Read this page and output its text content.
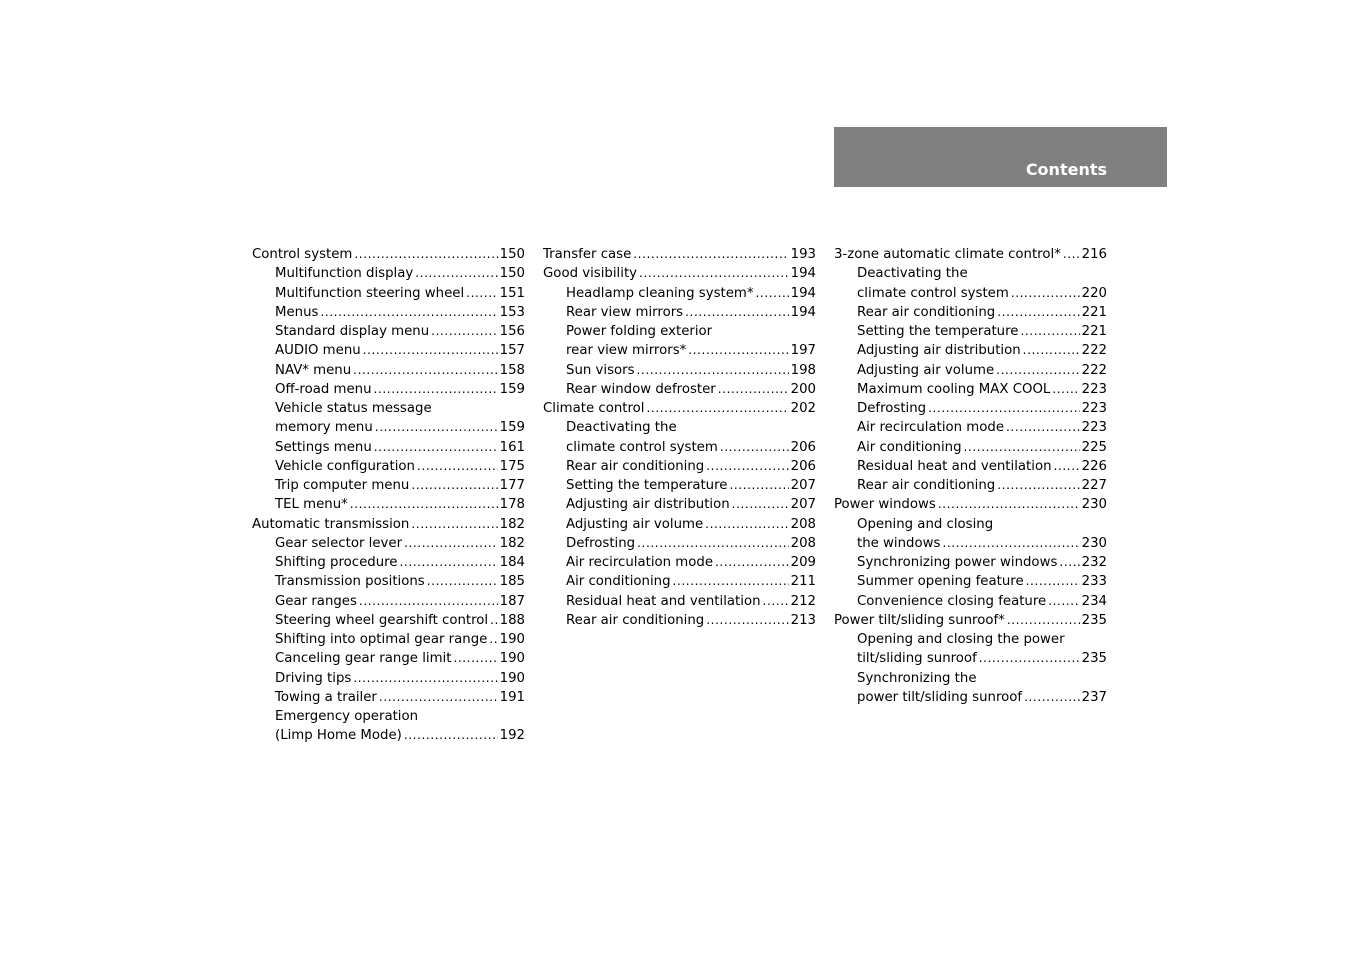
Contents
Control system .....	150
Multifunction display .....	150
Multifunction steering wheel .....	151
Menus .....	153
Standard display menu .....	156
AUDIO menu .....	157
NAV* menu .....	158
Off-road menu .....	159
Vehicle status message
memory menu .....	159
Settings menu .....	161
Vehicle configuration .....	175
Trip computer menu .....	177
TEL menu* .....	178
Automatic transmission .....	182
Gear selector lever .....	182
Shifting procedure .....	184
Transmission positions .....	185
Gear ranges .....	187
Steering wheel gearshift control ..... 188
Shifting into optimal gear range ..... 190
Canceling gear range limit .....	190
Driving tips .....	190
Towing a trailer .....	191
Emergency operation
(Limp Home Mode) .....	192
Transfer case .....	193
Good visibility .....	194
Headlamp cleaning system* .....	194
Rear view mirrors .....	194
Power folding exterior
rear view mirrors* .....	197
Sun visors .....	198
Rear window defroster .....	200
Climate control .....	202
Deactivating the
climate control system .....	206
Rear air conditioning .....	206
Setting the temperature .....	207
Adjusting air distribution .....	207
Adjusting air volume .....	208
Defrosting .....	208
Air recirculation mode .....	209
Air conditioning .....	211
Residual heat and ventilation ..... 212
Rear air conditioning .....	213
3-zone automatic climate control* ..... 216
Deactivating the
climate control system .....	220
Rear air conditioning .....	221
Setting the temperature .....	221
Adjusting air distribution .....	222
Adjusting air volume .....	222
Maximum cooling MAX COOL ..... 223
Defrosting .....	223
Air recirculation mode .....	223
Air conditioning .....	225
Residual heat and ventilation ..... 226
Rear air conditioning .....	227
Power windows .....	230
Opening and closing
the windows .....	230
Synchronizing power windows ..... 232
Summer opening feature .....	233
Convenience closing feature .....	234
Power tilt/sliding sunroof* .....	235
Opening and closing the power
tilt/sliding sunroof .....	235
Synchronizing the
power tilt/sliding sunroof .....	237
